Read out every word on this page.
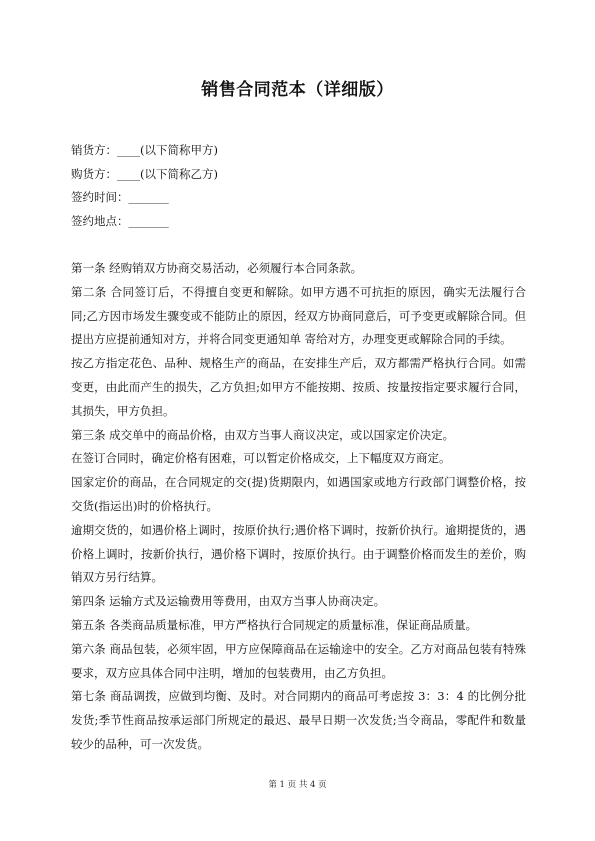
销售合同范本（详细版）
销货方：____(以下简称甲方)
购货方：____(以下简称乙方)
签约时间：_______
签约地点：_______

第一条 经购销双方协商交易活动，必须履行本合同条款。

第二条 合同签订后，不得擅自变更和解除。如甲方遇不可抗拒的原因，确实无法履行合同;乙方因市场发生骤变或不能防止的原因，经双方协商同意后，可予变更或解除合同。但提出方应提前通知对方，并将合同变更通知单 寄给对方，办理变更或解除合同的手续。

按乙方指定花色、品种、规格生产的商品，在安排生产后，双方都需严格执行合同。如需变更，由此而产生的损失，乙方负担;如甲方不能按期、按质、按量按指定要求履行合同，其损失，甲方负担。

第三条 成交单中的商品价格，由双方当事人商议决定，或以国家定价决定。

在签订合同时，确定价格有困难，可以暂定价格成交，上下幅度双方商定。

国家定价的商品，在合同规定的交(提)货期限内，如遇国家或地方行政部门调整价格，按交货(指运出)时的价格执行。

逾期交货的，如遇价格上调时，按原价执行;遇价格下调时，按新价执行。逾期提货的，遇价格上调时，按新价执行，遇价格下调时，按原价执行。由于调整价格而发生的差价，购销双方另行结算。

第四条 运输方式及运输费用等费用，由双方当事人协商决定。

第五条 各类商品质量标准，甲方严格执行合同规定的质量标准，保证商品质量。

第六条 商品包装，必须牢固，甲方应保障商品在运输途中的安全。乙方对商品包装有特殊要求，双方应具体合同中注明，增加的包装费用，由乙方负担。

第七条 商品调拨，应做到均衡、及时。对合同期内的商品可考虑按 3：3：4 的比例分批发货;季节性商品按承运部门所规定的最迟、最早日期一次发货;当令商品，零配件和数量较少的品种，可一次发货。

第 1 页 共 4 页
